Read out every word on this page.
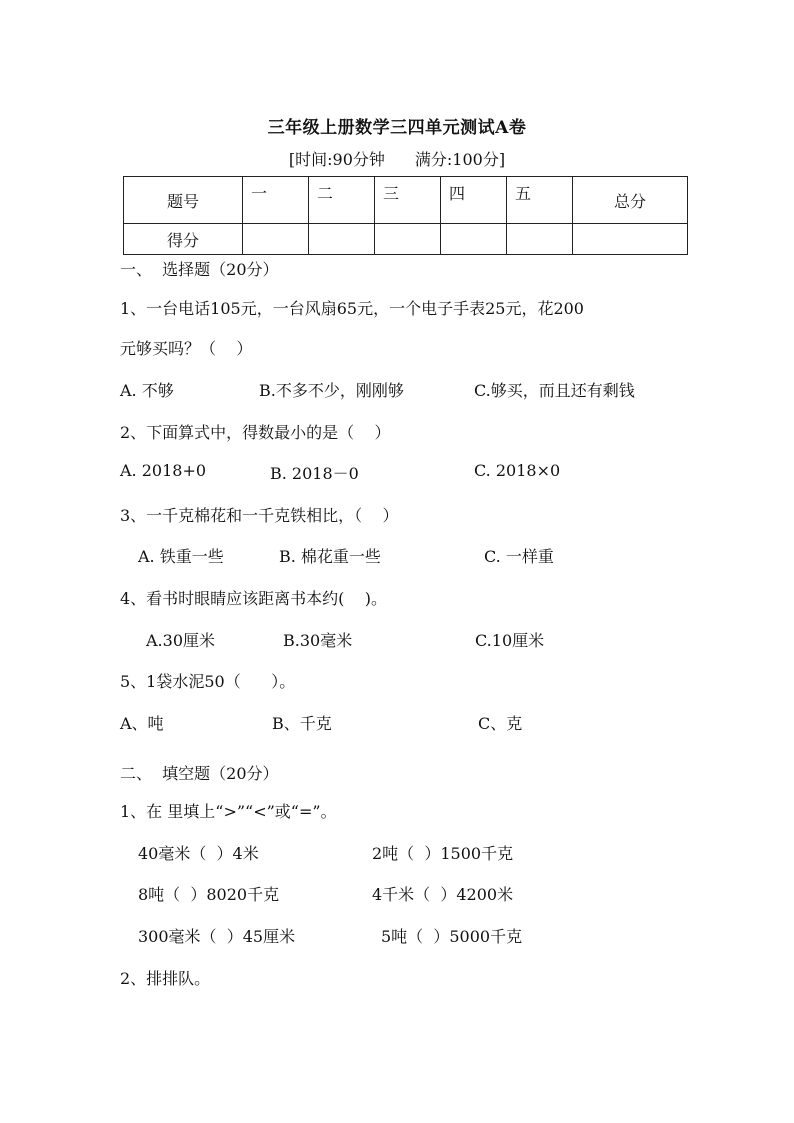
三年级上册数学三四单元测试A卷
[时间:90分钟 满分:100分]
题号	一	二	三	四	五	总分
得分						
一、  选择题（20分）
1、一台电话105元，一台风扇65元，一个电子手表25元，花200
元够买吗？（    ）
A. 不够	B.不多不少，刚刚够	C.够买，而且还有剩钱
2、下面算式中，得数最小的是（    ）
A. 2018+0	B. 2018－0	C. 2018×0
3、一千克棉花和一千克铁相比，（    ）
A. 铁重一些	B. 棉花重一些	C. 一样重
4、看书时眼睛应该距离书本约(    )。
A.30厘米	B.30毫米	C.10厘米
5、1袋水泥50（      ）。
A、吨	B、千克	C、克
二、  填空题（20分）
1、在 里填上“>”“<”或“=”。
40毫米（  ）4米	2吨（  ）1500千克
8吨（  ）8020千克	4千米（  ）4200米
300毫米（  ）45厘米	5吨（  ）5000千克
2、排排队。
